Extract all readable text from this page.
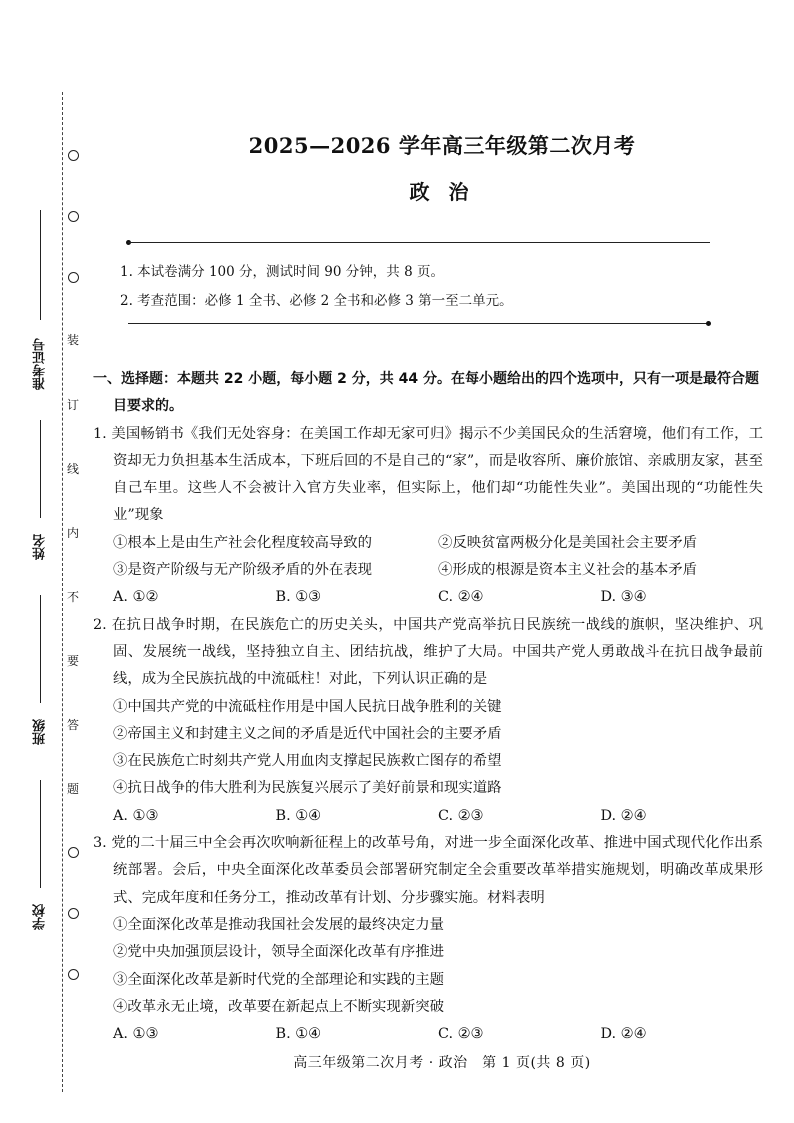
准考证号
姓名
班级
学校
装
订
线
内
不
要
答
题
2025—2026 学年高三年级第二次月考
政 治
1. 本试卷满分 100 分，测试时间 90 分钟，共 8 页。
2. 考查范围：必修 1 全书、必修 2 全书和必修 3 第一至二单元。

一、选择题：本题共 22 小题，每小题 2 分，共 44 分。在每小题给出的四个选项中，只有一项是最符合题目要求的。

1. 美国畅销书《我们无处容身：在美国工作却无家可归》揭示不少美国民众的生活窘境，他们有工作，工资却无力负担基本生活成本，下班后回的不是自己的“家”，而是收容所、廉价旅馆、亲戚朋友家，甚至自己车里。这些人不会被计入官方失业率，但实际上，他们却“功能性失业”。美国出现的“功能性失业”现象

①根本上是由生产社会化程度较高导致的	②反映贫富两极分化是美国社会主要矛盾
③是资产阶级与无产阶级矛盾的外在表现	④形成的根源是资本主义社会的基本矛盾
A. ①②	B. ①③	C. ②④	D. ③④

2. 在抗日战争时期，在民族危亡的历史关头，中国共产党高举抗日民族统一战线的旗帜，坚决维护、巩固、发展统一战线，坚持独立自主、团结抗战，维护了大局。中国共产党人勇敢战斗在抗日战争最前线，成为全民族抗战的中流砥柱！对此，下列认识正确的是

①中国共产党的中流砥柱作用是中国人民抗日战争胜利的关键

②帝国主义和封建主义之间的矛盾是近代中国社会的主要矛盾

③在民族危亡时刻共产党人用血肉支撑起民族救亡图存的希望

④抗日战争的伟大胜利为民族复兴展示了美好前景和现实道路

A. ①③	B. ①④	C. ②③	D. ②④

3. 党的二十届三中全会再次吹响新征程上的改革号角，对进一步全面深化改革、推进中国式现代化作出系统部署。会后，中央全面深化改革委员会部署研究制定全会重要改革举措实施规划，明确改革成果形式、完成年度和任务分工，推动改革有计划、分步骤实施。材料表明

①全面深化改革是推动我国社会发展的最终决定力量

②党中央加强顶层设计，领导全面深化改革有序推进

③全面深化改革是新时代党的全部理论和实践的主题

④改革永无止境，改革要在新起点上不断实现新突破

A. ①③	B. ①④	C. ②③	D. ②④
高三年级第二次月考 · 政治　第 1 页(共 8 页)
